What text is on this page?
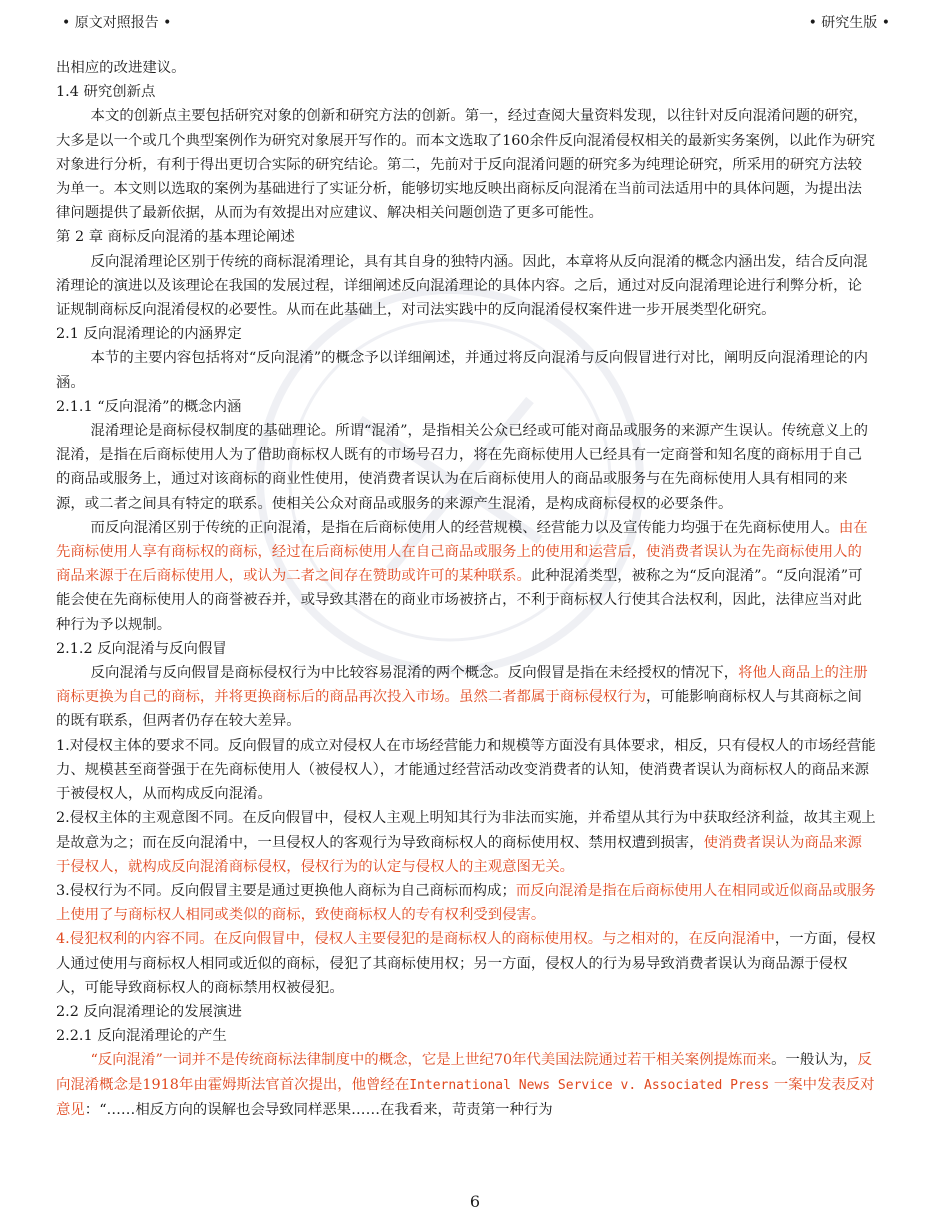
• 原文对照报告 •	• 研究生版 •

出相应的改进建议。

1.4 研究创新点

本文的创新点主要包括研究对象的创新和研究方法的创新。第一，经过查阅大量资料发现，以往针对反向混淆问题的研究，大多是以一个或几个典型案例作为研究对象展开写作的。而本文选取了160余件反向混淆侵权相关的最新实务案例，以此作为研究对象进行分析，有利于得出更切合实际的研究结论。第二，先前对于反向混淆问题的研究多为纯理论研究，所采用的研究方法较为单一。本文则以选取的案例为基础进行了实证分析，能够切实地反映出商标反向混淆在当前司法适用中的具体问题，为提出法律问题提供了最新依据，从而为有效提出对应建议、解决相关问题创造了更多可能性。

第 2 章 商标反向混淆的基本理论阐述

反向混淆理论区别于传统的商标混淆理论，具有其自身的独特内涵。因此，本章将从反向混淆的概念内涵出发，结合反向混淆理论的演进以及该理论在我国的发展过程，详细阐述反向混淆理论的具体内容。之后，通过对反向混淆理论进行利弊分析，论证规制商标反向混淆侵权的必要性。从而在此基础上，对司法实践中的反向混淆侵权案件进一步开展类型化研究。

2.1 反向混淆理论的内涵界定

本节的主要内容包括将对“反向混淆”的概念予以详细阐述，并通过将反向混淆与反向假冒进行对比，阐明反向混淆理论的内涵。

2.1.1 “反向混淆”的概念内涵

混淆理论是商标侵权制度的基础理论。所谓“混淆”，是指相关公众已经或可能对商品或服务的来源产生误认。传统意义上的混淆，是指在后商标使用人为了借助商标权人既有的市场号召力，将在先商标使用人已经具有一定商誉和知名度的商标用于自己的商品或服务上，通过对该商标的商业性使用，使消费者误认为在后商标使用人的商品或服务与在先商标使用人具有相同的来源，或二者之间具有特定的联系。使相关公众对商品或服务的来源产生混淆，是构成商标侵权的必要条件。

而反向混淆区别于传统的正向混淆，是指在后商标使用人的经营规模、经营能力以及宣传能力均强于在先商标使用人。由在先商标使用人享有商标权的商标，经过在后商标使用人在自己商品或服务上的使用和运营后，使消费者误认为在先商标使用人的商品来源于在后商标使用人，或认为二者之间存在赞助或许可的某种联系。此种混淆类型，被称之为“反向混淆”。“反向混淆”可能会使在先商标使用人的商誉被吞并，或导致其潜在的商业市场被挤占，不利于商标权人行使其合法权利，因此，法律应当对此种行为予以规制。

2.1.2 反向混淆与反向假冒

反向混淆与反向假冒是商标侵权行为中比较容易混淆的两个概念。反向假冒是指在未经授权的情况下，将他人商品上的注册商标更换为自己的商标，并将更换商标后的商品再次投入市场。虽然二者都属于商标侵权行为，可能影响商标权人与其商标之间的既有联系，但两者仍存在较大差异。

1.对侵权主体的要求不同。反向假冒的成立对侵权人在市场经营能力和规模等方面没有具体要求，相反，只有侵权人的市场经营能力、规模甚至商誉强于在先商标使用人（被侵权人），才能通过经营活动改变消费者的认知，使消费者误认为商标权人的商品来源于被侵权人，从而构成反向混淆。

2.侵权主体的主观意图不同。在反向假冒中，侵权人主观上明知其行为非法而实施，并希望从其行为中获取经济利益，故其主观上是故意为之；而在反向混淆中，一旦侵权人的客观行为导致商标权人的商标使用权、禁用权遭到损害，使消费者误认为商品来源于侵权人，就构成反向混淆商标侵权，侵权行为的认定与侵权人的主观意图无关。

3.侵权行为不同。反向假冒主要是通过更换他人商标为自己商标而构成；而反向混淆是指在后商标使用人在相同或近似商品或服务上使用了与商标权人相同或类似的商标，致使商标权人的专有权利受到侵害。

4.侵犯权利的内容不同。在反向假冒中，侵权人主要侵犯的是商标权人的商标使用权。与之相对的，在反向混淆中，一方面，侵权人通过使用与商标权人相同或近似的商标，侵犯了其商标使用权；另一方面，侵权人的行为易导致消费者误认为商品源于侵权人，可能导致商标权人的商标禁用权被侵犯。

2.2 反向混淆理论的发展演进

2.2.1 反向混淆理论的产生

“反向混淆”一词并不是传统商标法律制度中的概念，它是上世纪70年代美国法院通过若干相关案例提炼而来。一般认为，反向混淆概念是1918年由霍姆斯法官首次提出，他曾经在International News Service v. Associated Press 一案中发表反对意见：“……相反方向的误解也会导致同样恶果……在我看来，苛责第一种行为

6
